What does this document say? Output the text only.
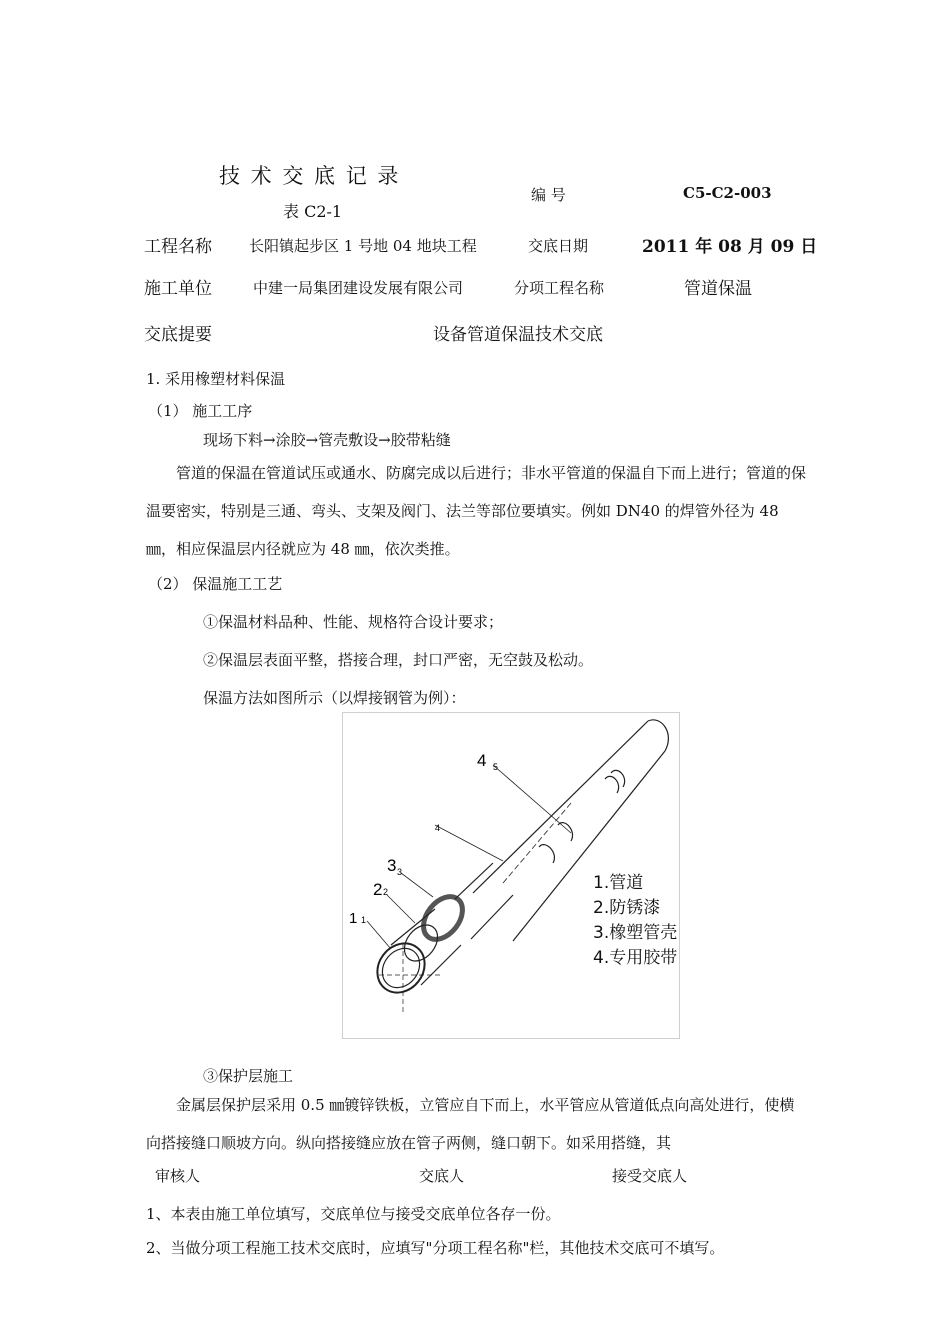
技 术 交 底 记 录
表 C2-1
编 号	C5-C2-003
工程名称 长阳镇起步区 1 号地 04 地块工程	交底日期	2011 年 08 月 09 日
施工单位	中建一局集团建设发展有限公司	分项工程名称	管道保温
交底提要	设备管道保温技术交底
1. 采用橡塑材料保温
（1） 施工工序
现场下料→涂胶→管壳敷设→胶带粘缝
管道的保温在管道试压或通水、防腐完成以后进行；非水平管道的保温自下而上进行；管道的保温要密实，特别是三通、弯头、支架及阀门、法兰等部位要填实。例如 DN40 的焊管外径为 48 ㎜，相应保温层内径就应为 48 ㎜，依次类推。
（2） 保温施工工艺
①保温材料品种、性能、规格符合设计要求；
②保温层表面平整，搭接合理，封口严密，无空鼓及松动。
保温方法如图所示（以焊接钢管为例）：
4 5
4
3 3
2 2
1 1
1.管道
2.防锈漆
3.橡塑管壳
4.专用胶带
③保护层施工
金属层保护层采用 0.5 ㎜镀锌铁板，立管应自下而上，水平管应从管道低点向高处进行，使横向搭接缝口顺坡方向。纵向搭接缝应放在管子两侧，缝口朝下。如采用搭缝，其
审核人	交底人	接受交底人
1、本表由施工单位填写，交底单位与接受交底单位各存一份。
2、当做分项工程施工技术交底时，应填写"分项工程名称"栏，其他技术交底可不填写。
